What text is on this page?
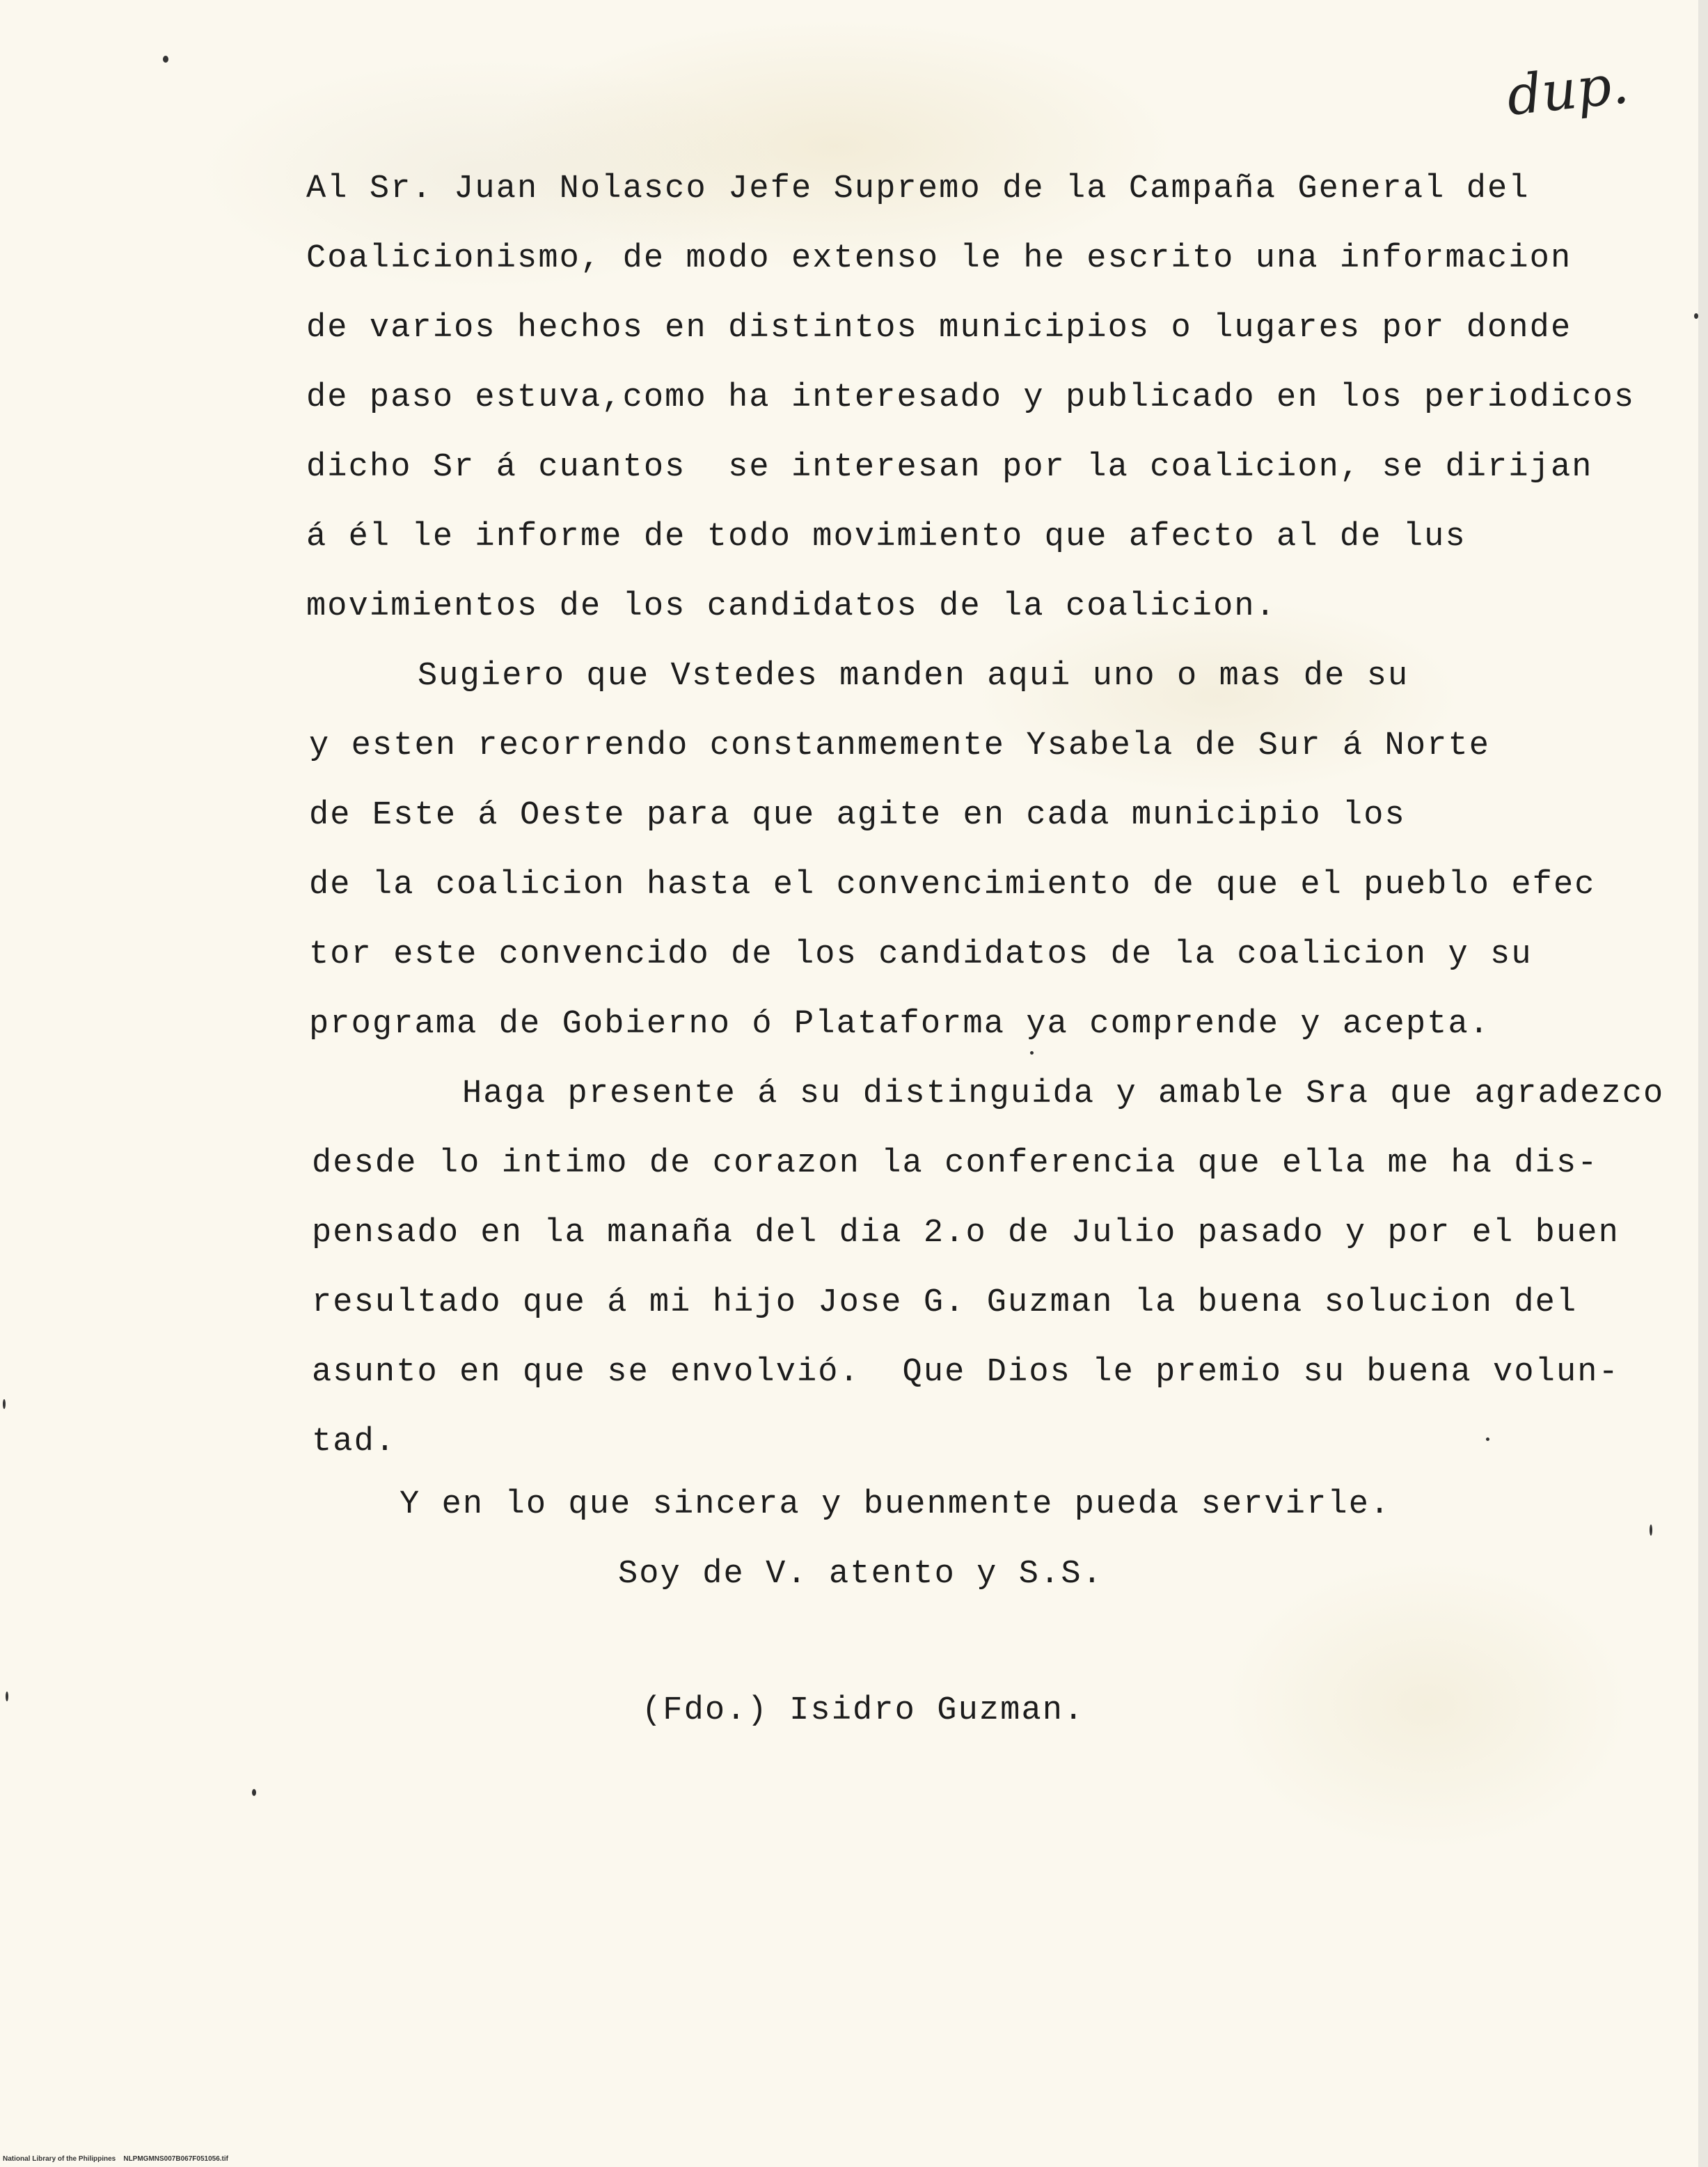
dup.
Al Sr. Juan Nolasco Jefe Supremo de la Campaña General del
Coalicionismo, de modo extenso le he escrito una informacion
de varios hechos en distintos municipios o lugares por donde
de paso estuva,como ha interesado y publicado en los periodicos
dicho Sr á cuantos  se interesan por la coalicion, se dirijan
á él le informe de todo movimiento que afecto al de lus
movimientos de los candidatos de la coalicion.
Sugiero que Vstedes manden aqui uno o mas de su
y esten recorrendo constanmemente Ysabela de Sur á Norte
de Este á Oeste para que agite en cada municipio los
de la coalicion hasta el convencimiento de que el pueblo efec
tor este convencido de los candidatos de la coalicion y su
programa de Gobierno ó Plataforma ya comprende y acepta.
Haga presente á su distinguida y amable Sra que agradezco
desde lo intimo de corazon la conferencia que ella me ha dis-
pensado en la manaña del dia 2.o de Julio pasado y por el buen
resultado que á mi hijo Jose G. Guzman la buena solucion del
asunto en que se envolvió.  Que Dios le premio su buena volun-
tad.
Y en lo que sincera y buenmente pueda servirle.
Soy de V. atento y S.S.
(Fdo.) Isidro Guzman.
National Library of the Philippines    NLPMGMNS007B067F051056.tif
